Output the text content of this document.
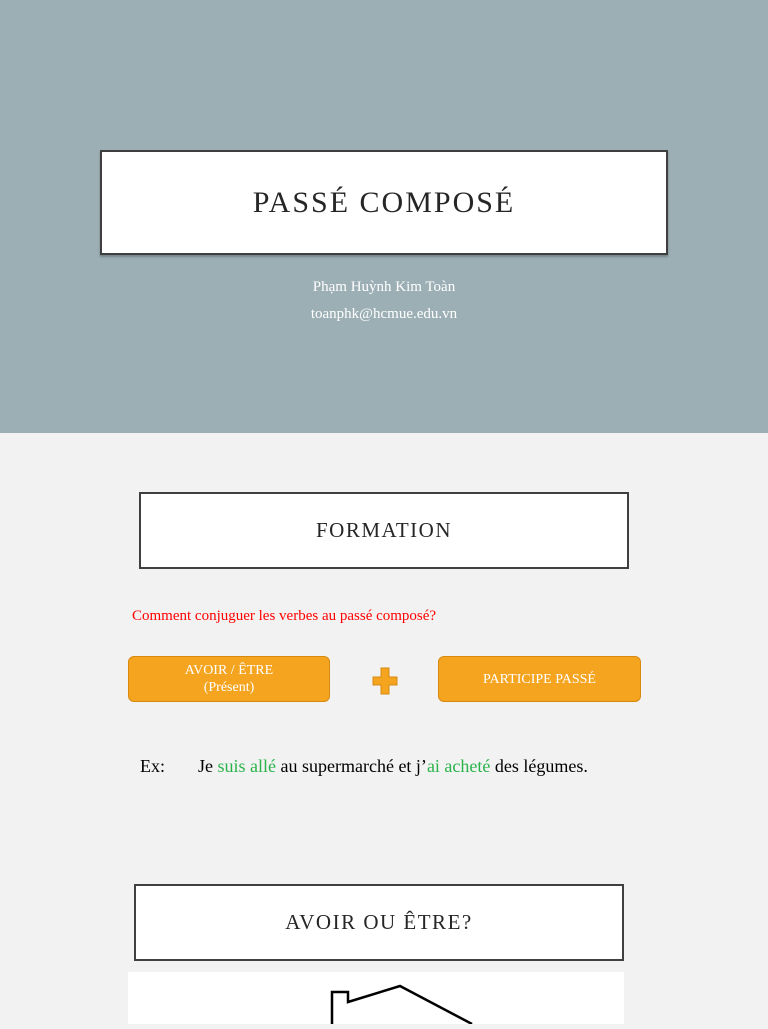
PASSÉ COMPOSÉ
Phạm Huỳnh Kim Toàn
toanphk@hcmue.edu.vn
FORMATION
Comment conjuguer les verbes au passé composé?
AVOIR / ÊTRE
(Présent)
PARTICIPE PASSÉ
Ex: Je suis allé au supermarché et j’ai acheté des légumes.
AVOIR OU ÊTRE?
